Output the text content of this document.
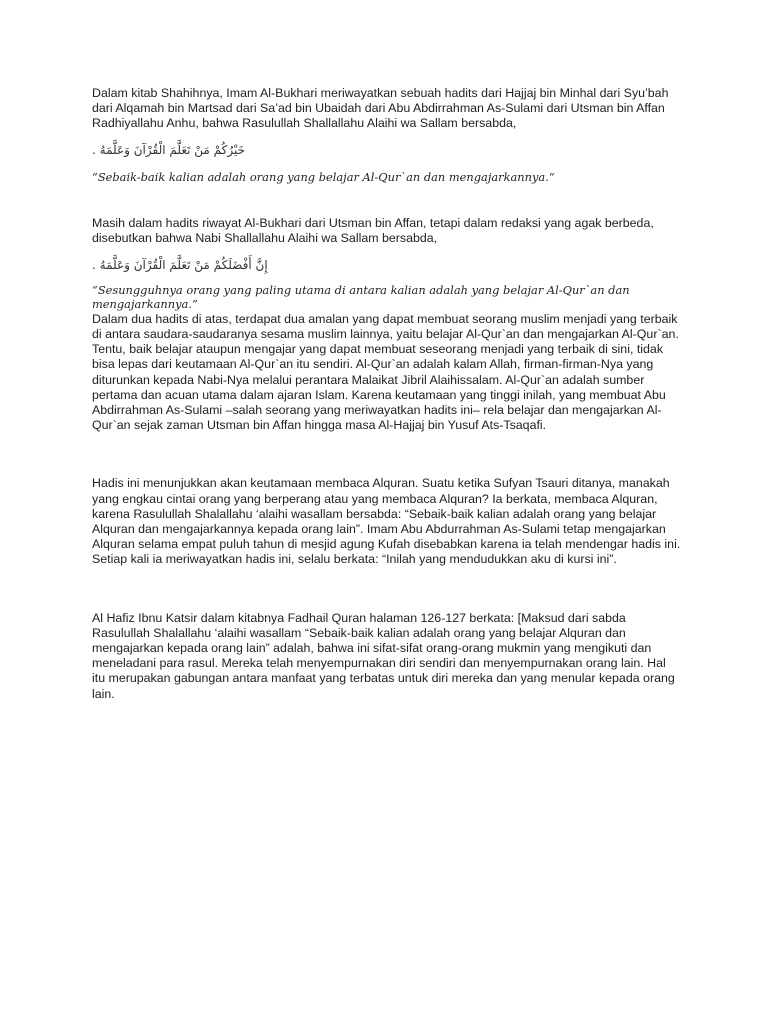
Dalam kitab Shahihnya, Imam Al-Bukhari meriwayatkan sebuah hadits dari Hajjaj bin Minhal dari Syu’bah dari Alqamah bin Martsad dari Sa’ad bin Ubaidah dari Abu Abdirrahman As-Sulami dari Utsman bin Affan Radhiyallahu Anhu, bahwa Rasulullah Shallallahu Alaihi wa Sallam bersabda,

خَيْرُكُمْ مَنْ تَعَلَّمَ الْقُرْآنَ وَعَلَّمَهُ .

“Sebaik-baik kalian adalah orang yang belajar Al-Qur`an dan mengajarkannya.“

Masih dalam hadits riwayat Al-Bukhari dari Utsman bin Affan, tetapi dalam redaksi yang agak berbeda, disebutkan bahwa Nabi Shallallahu Alaihi wa Sallam bersabda,

إِنَّ أَفْضَلَكُمْ مَنْ تَعَلَّمَ الْقُرْآنَ وَعَلَّمَهُ .

“Sesungguhnya orang yang paling utama di antara kalian adalah yang belajar Al-Qur`an dan mengajarkannya.”

Dalam dua hadits di atas, terdapat dua amalan yang dapat membuat seorang muslim menjadi yang terbaik di antara saudara-saudaranya sesama muslim lainnya, yaitu belajar Al-Qur`an dan mengajarkan Al-Qur`an. Tentu, baik belajar ataupun mengajar yang dapat membuat seseorang menjadi yang terbaik di sini, tidak bisa lepas dari keutamaan Al-Qur`an itu sendiri. Al-Qur`an adalah kalam Allah, firman-firman-Nya yang diturunkan kepada Nabi-Nya melalui perantara Malaikat Jibril Alaihissalam. Al-Qur`an adalah sumber pertama dan acuan utama dalam ajaran Islam. Karena keutamaan yang tinggi inilah, yang membuat Abu Abdirrahman As-Sulami –salah seorang yang meriwayatkan hadits ini– rela belajar dan mengajarkan Al-Qur`an sejak zaman Utsman bin Affan hingga masa Al-Hajjaj bin Yusuf Ats-Tsaqafi.

Hadis ini menunjukkan akan keutamaan membaca Alquran. Suatu ketika Sufyan Tsauri ditanya, manakah yang engkau cintai orang yang berperang atau yang membaca Alquran? Ia berkata, membaca Alquran, karena Rasulullah Shalallahu ‘alaihi wasallam bersabda: “Sebaik-baik kalian adalah orang yang belajar Alquran dan mengajarkannya kepada orang lain”. Imam Abu Abdurrahman As-Sulami tetap mengajarkan Alquran selama empat puluh tahun di mesjid agung Kufah disebabkan karena ia telah mendengar hadis ini. Setiap kali ia meriwayatkan hadis ini, selalu berkata: “Inilah yang mendudukkan aku di kursi ini”.

Al Hafiz Ibnu Katsir dalam kitabnya Fadhail Quran halaman 126-127 berkata: [Maksud dari sabda Rasulullah Shalallahu ‘alaihi wasallam “Sebaik-baik kalian adalah orang yang belajar Alquran dan mengajarkan kepada orang lain” adalah, bahwa ini sifat-sifat orang-orang mukmin yang mengikuti dan meneladani para rasul. Mereka telah menyempurnakan diri sendiri dan menyempurnakan orang lain. Hal itu merupakan gabungan antara manfaat yang terbatas untuk diri mereka dan yang menular kepada orang lain.
